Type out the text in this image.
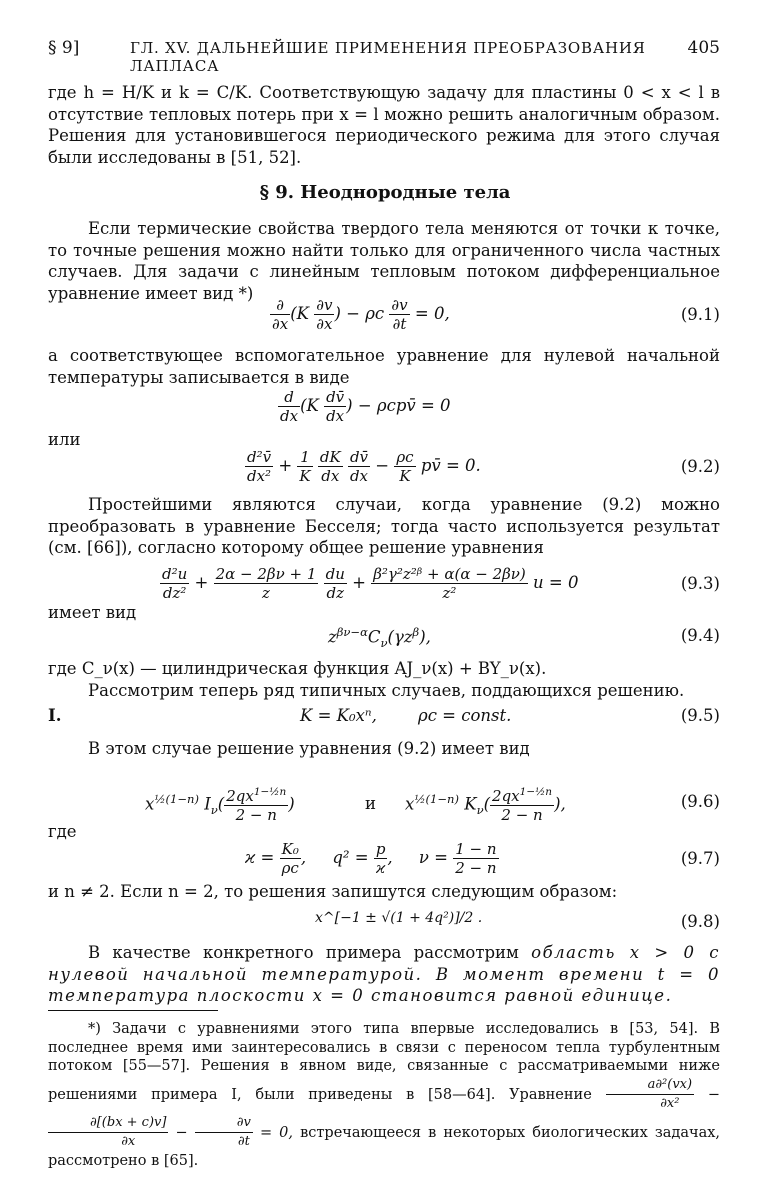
§ 9]	ГЛ. XV. ДАЛЬНЕЙШИЕ ПРИМЕНЕНИЯ ПРЕОБРАЗОВАНИЯ ЛАПЛАСА
405
где h = H/K и k = C/K. Соответствующую задачу для пластины 0 < x < l в отсутствие тепловых потерь при x = l можно решить аналогичным образом. Решения для установившегося периодического режима для этого случая были исследованы в [51, 52].
§ 9. Неоднородные тела
Если термические свойства твердого тела меняются от точки к точке, то точные решения можно найти только для ограниченного числа частных случаев. Для задачи с линейным тепловым потоком дифференциальное уравнение имеет вид *)
$\frac{\partial}{\partial x} (K \frac{\partial v}{\partial x}$ ) − ρc $\frac{\partial v}{\partial t} = 0$,	(9.1)
а соответствующее вспомогательное уравнение для нулевой начальной температуры записывается в виде
$\frac{d}{dx} (K \frac{dv̄}{dx}$ ) − ρcpv̄ = 0
или
$\frac{\text{d²v̄}}{\text{dx²}} + \frac{1}{K}$
$\frac{dK}{dx}$
$\frac{dv̄}{dx} - \frac{\rho c}{K}$ pv̄ = 0.	(9.2)
Простейшими являются случаи, когда уравнение (9.2) можно преобразовать в уравнение Бесселя; тогда часто используется результат (см. [66]), согласно которому общее решение уравнения
$\frac{\text{d²u}}{\text{dz²}} + \frac{2\alpha - 2\beta\nu + 1}{z}$
$\frac{du}{dz} + \frac{\text{β²γ²z²ᵝ + α(α − 2βν)}}{\text{z²}}$ u = 0	(9.3)
имеет вид
$z^{\beta\nu-\alpha}C_\nu(\gamma z^\beta)$,	(9.4)
где C_ν(x) — цилиндрическая функция AJ_ν(x) + BY_ν(x).
Рассмотрим теперь ряд типичных случаев, поддающихся решению.
I.	K = K₀xⁿ, ρc = const.	(9.5)
В этом случае решение уравнения (9.2) имеет вид
$x^{\frac{1}{2}(1-n)}$ $I_\nu( \frac{2qx^{1-\frac{1}{2}n}}{2 - n}$ )	и $x^{\frac{1}{2}(1-n)}$ $K_\nu( \frac{2qx^{1-\frac{1}{2}n}}{2 - n}$ ),	(9.6)
где
$ϰ = \frac{\text{K₀}}{\rho c}$ ,     $q^2 = \frac{p}{ϰ}$ ,     $\nu = \frac{1 - n}{2 - n}$	(9.7)
и n ≠ 2. Если n = 2, то решения запишутся следующим образом:
x^[−1 ± √(1 + 4q²)]/2 .	(9.8)
В качестве конкретного примера рассмотрим область x > 0 с нулевой начальной температурой. В момент времени t = 0 температура плоскости x = 0 становится равной единице.
*) Задачи с уравнениями этого типа впервые исследовались в [53, 54]. В последнее время ими заинтересовались в связи с переносом тепла турбулентным потоком [55—57]. Решения в явном виде, связанные с рассматриваемыми ниже решениями примера I, были приведены в [58—64]. Уравнение $\frac{\text{a∂²(vx)}}{\text{∂x²}}$ −
$\frac{\partial[(bx + c)v]}{\partial x} - \frac{\partial v}{\partial t} = 0$, встречающееся в некоторых биологических задачах, рассмотрено в [65].
